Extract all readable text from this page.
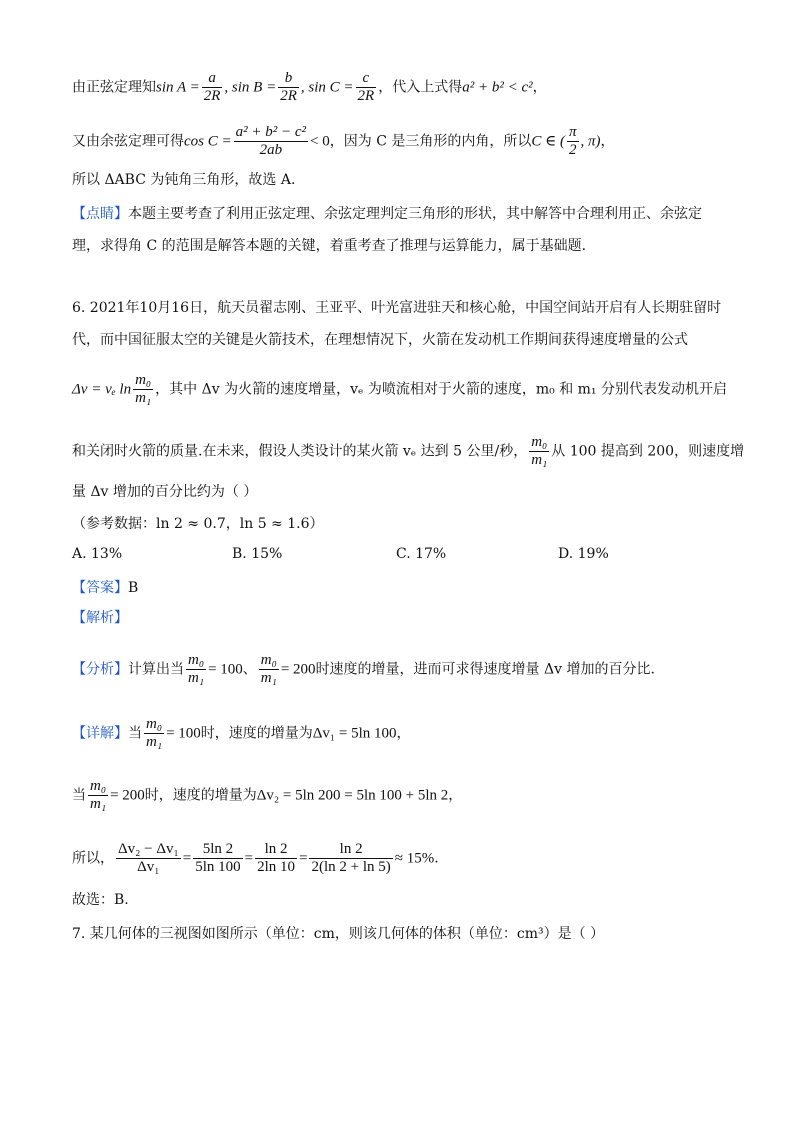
由正弦定理知$\sin A = \frac{a}{2R}$ , $\sin B = \frac{b}{2R}$ , $\sin C = \frac{c}{2R}$ ，代入上式得a² + b² < c²，
又由余弦定理可得$\cos C = \frac{\text{a² + b² − c²}}{2ab} < 0$，因为 C 是三角形的内角，所以C ∈ ( $\frac{\pi}{2}$ , π)，
所以 ΔABC 为钝角三角形，故选 A.
【点睛】本题主要考查了利用正弦定理、余弦定理判定三角形的形状，其中解答中合理利用正、余弦定
理，求得角 C 的范围是解答本题的关键，着重考查了推理与运算能力，属于基础题.
6. 2021年10月16日，航天员翟志刚、王亚平、叶光富进驻天和核心舱，中国空间站开启有人长期驻留时
代，而中国征服太空的关键是火箭技术，在理想情况下，火箭在发动机工作期间获得速度增量的公式
Δv = vₑ $\ln \frac{\text{m₀}}{\text{m₁}}$ ，其中 Δv 为火箭的速度增量，vₑ 为喷流相对于火箭的速度，m₀ 和 m₁ 分别代表发动机开启
和关闭时火箭的质量.在未来，假设人类设计的某火箭 vₑ 达到 5 公里/秒， $\frac{\text{m₀}}{\text{m₁}}$ 从 100 提高到 200，则速度增
量 Δv 增加的百分比约为（ ）
（参考数据：ln 2 ≈ 0.7，ln 5 ≈ 1.6）
A. 13%	B. 15%	C. 17%	D. 19%
【答案】B
【解析】
【分析】计算出当 $\frac{\text{m₀}}{\text{m₁}} = 100$、 $\frac{\text{m₀}}{\text{m₁}} = 200$时速度的增量，进而可求得速度增量 Δv 增加的百分比.
【详解】当 $\frac{\text{m₀}}{\text{m₁}} = 100$时，速度的增量为Δv₁ = 5ln 100，
当 $\frac{\text{m₀}}{\text{m₁}} = 200$时，速度的增量为Δv₂ = 5ln 200 = 5ln 100 + 5ln 2，
所以， $\frac{\text{Δv₂ − Δv₁}}{\text{Δv₁}} = \frac{5\ln 2}{5\ln 100} = \frac{\ln 2}{2\ln 10} = \frac{\ln 2}{2(\ln 2 + \ln 5)} \approx 15\%$.
故选：B.
7. 某几何体的三视图如图所示（单位：cm，则该几何体的体积（单位：cm³）是（ ）
